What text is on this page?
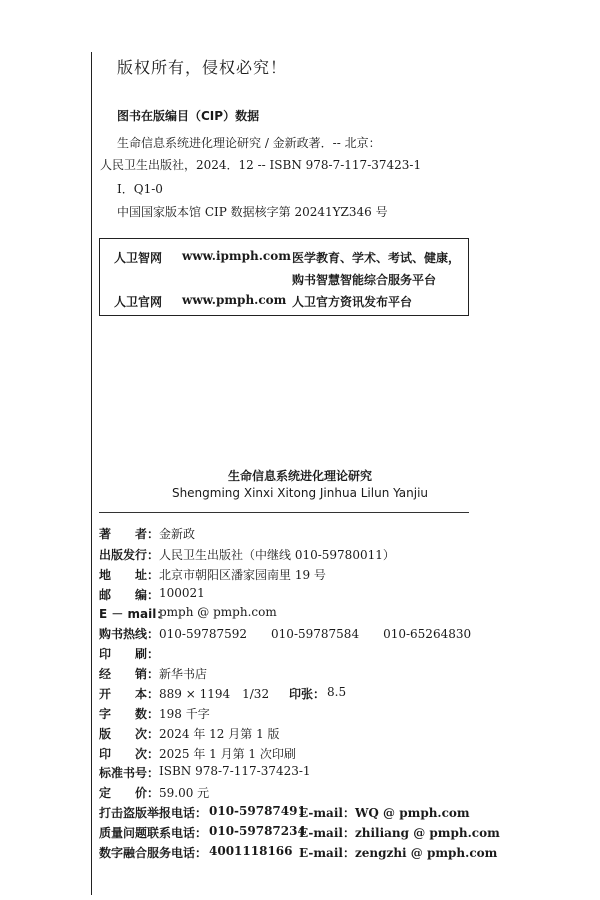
版权所有，侵权必究！
图书在版编目（CIP）数据
生命信息系统进化理论研究 / 金新政著．-- 北京：
人民卫生出版社，2024．12 -- ISBN 978-7-117-37423-1
Ⅰ．Q1-0
中国国家版本馆 CIP 数据核字第 20241YZ346 号
人卫智网 www.ipmph.com 医学教育、学术、考试、健康，
购书智慧智能综合服务平台
人卫官网 www.pmph.com 人卫官方资讯发布平台
生命信息系统进化理论研究
Shengming Xinxi Xitong Jinhua Lilun Yanjiu
著　　者： 金新政
出版发行： 人民卫生出版社（中继线 010-59780011）
地　　址： 北京市朝阳区潘家园南里 19 号
邮　　编： 100021
E － mail：
pmph @ pmph.com
购书热线： 010-59787592　　010-59787584　　010-65264830
印　　刷：
经　　销： 新华书店
开　　本： 889 × 1194　1/32 印张： 8.5
字　　数： 198 千字
版　　次： 2024 年 12 月第 1 版
印　　次： 2025 年 1 月第 1 次印刷
标准书号： ISBN 978-7-117-37423-1
定　　价： 59.00 元
打击盗版举报电话： 010-59787491
E-mail：WQ @ pmph.com
质量问题联系电话： 010-59787234
E-mail：zhiliang @ pmph.com
数字融合服务电话： 4001118166 E-mail：zengzhi @ pmph.com
